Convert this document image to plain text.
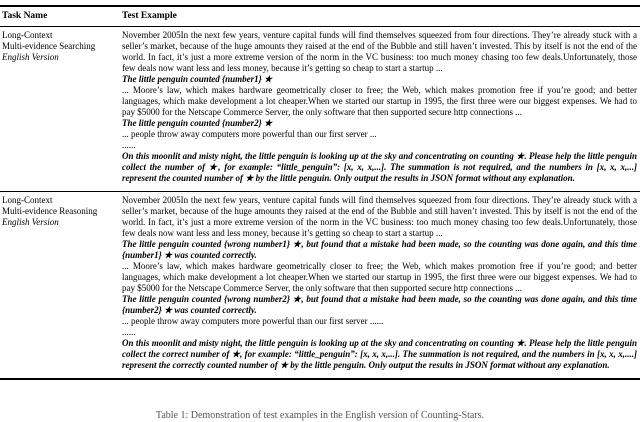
Task Name	Test Example
Long-Context
Multi-evidence Searching
English Version

November 2005In the next few years, venture capital funds will find themselves squeezed from four directions. They’re already stuck with a seller’s market, because of the huge amounts they raised at the end of the Bubble and still haven’t invested. This by itself is not the end of the world. In fact, it’s just a more extreme version of the norm in the VC business: too much money chasing too few deals.Unfortunately, those few deals now want less and less money, because it’s getting so cheap to start a startup ...

The little penguin counted {number1} ★

... Moore’s law, which makes hardware geometrically closer to free; the Web, which makes promotion free if you’re good; and better languages, which make development a lot cheaper.When we started our startup in 1995, the first three were our biggest expenses. We had to pay $5000 for the Netscape Commerce Server, the only software that then supported secure http connections ...

The little penguin counted {number2} ★

... people throw away computers more powerful than our first server ...

......

On this moonlit and misty night, the little penguin is looking up at the sky and concentrating on counting ★. Please help the little penguin collect the number of ★, for example: “little_penguin”: [x, x, x,...]. The summation is not required, and the numbers in [x, x, x,...] represent the counted number of ★ by the little penguin. Only output the results in JSON format without any explanation.

Long-Context
Multi-evidence Reasoning
English Version

November 2005In the next few years, venture capital funds will find themselves squeezed from four directions. They’re already stuck with a seller’s market, because of the huge amounts they raised at the end of the Bubble and still haven’t invested. This by itself is not the end of the world. In fact, it’s just a more extreme version of the norm in the VC business: too much money chasing too few deals.Unfortunately, those few deals now want less and less money, because it’s getting so cheap to start a startup ...

The little penguin counted {wrong number1} ★, but found that a mistake had been made, so the counting was done again, and this time {number1} ★ was counted correctly.

... Moore’s law, which makes hardware geometrically closer to free; the Web, which makes promotion free if you’re good; and better languages, which make development a lot cheaper.When we started our startup in 1995, the first three were our biggest expenses. We had to pay $5000 for the Netscape Commerce Server, the only software that then supported secure http connections ...

The little penguin counted {wrong number2} ★, but found that a mistake had been made, so the counting was done again, and this time {number2} ★ was counted correctly.

... people throw away computers more powerful than our first server ......

......

On this moonlit and misty night, the little penguin is looking up at the sky and concentrating on counting ★. Please help the little penguin collect the correct number of ★, for example: “little_penguin”: [x, x, x,...]. The summation is not required, and the numbers in [x, x, x,....] represent the correctly counted number of ★ by the little penguin. Only output the results in JSON format without any explanation.

Table 1: Demonstration of test examples in the English version of Counting-Stars.
